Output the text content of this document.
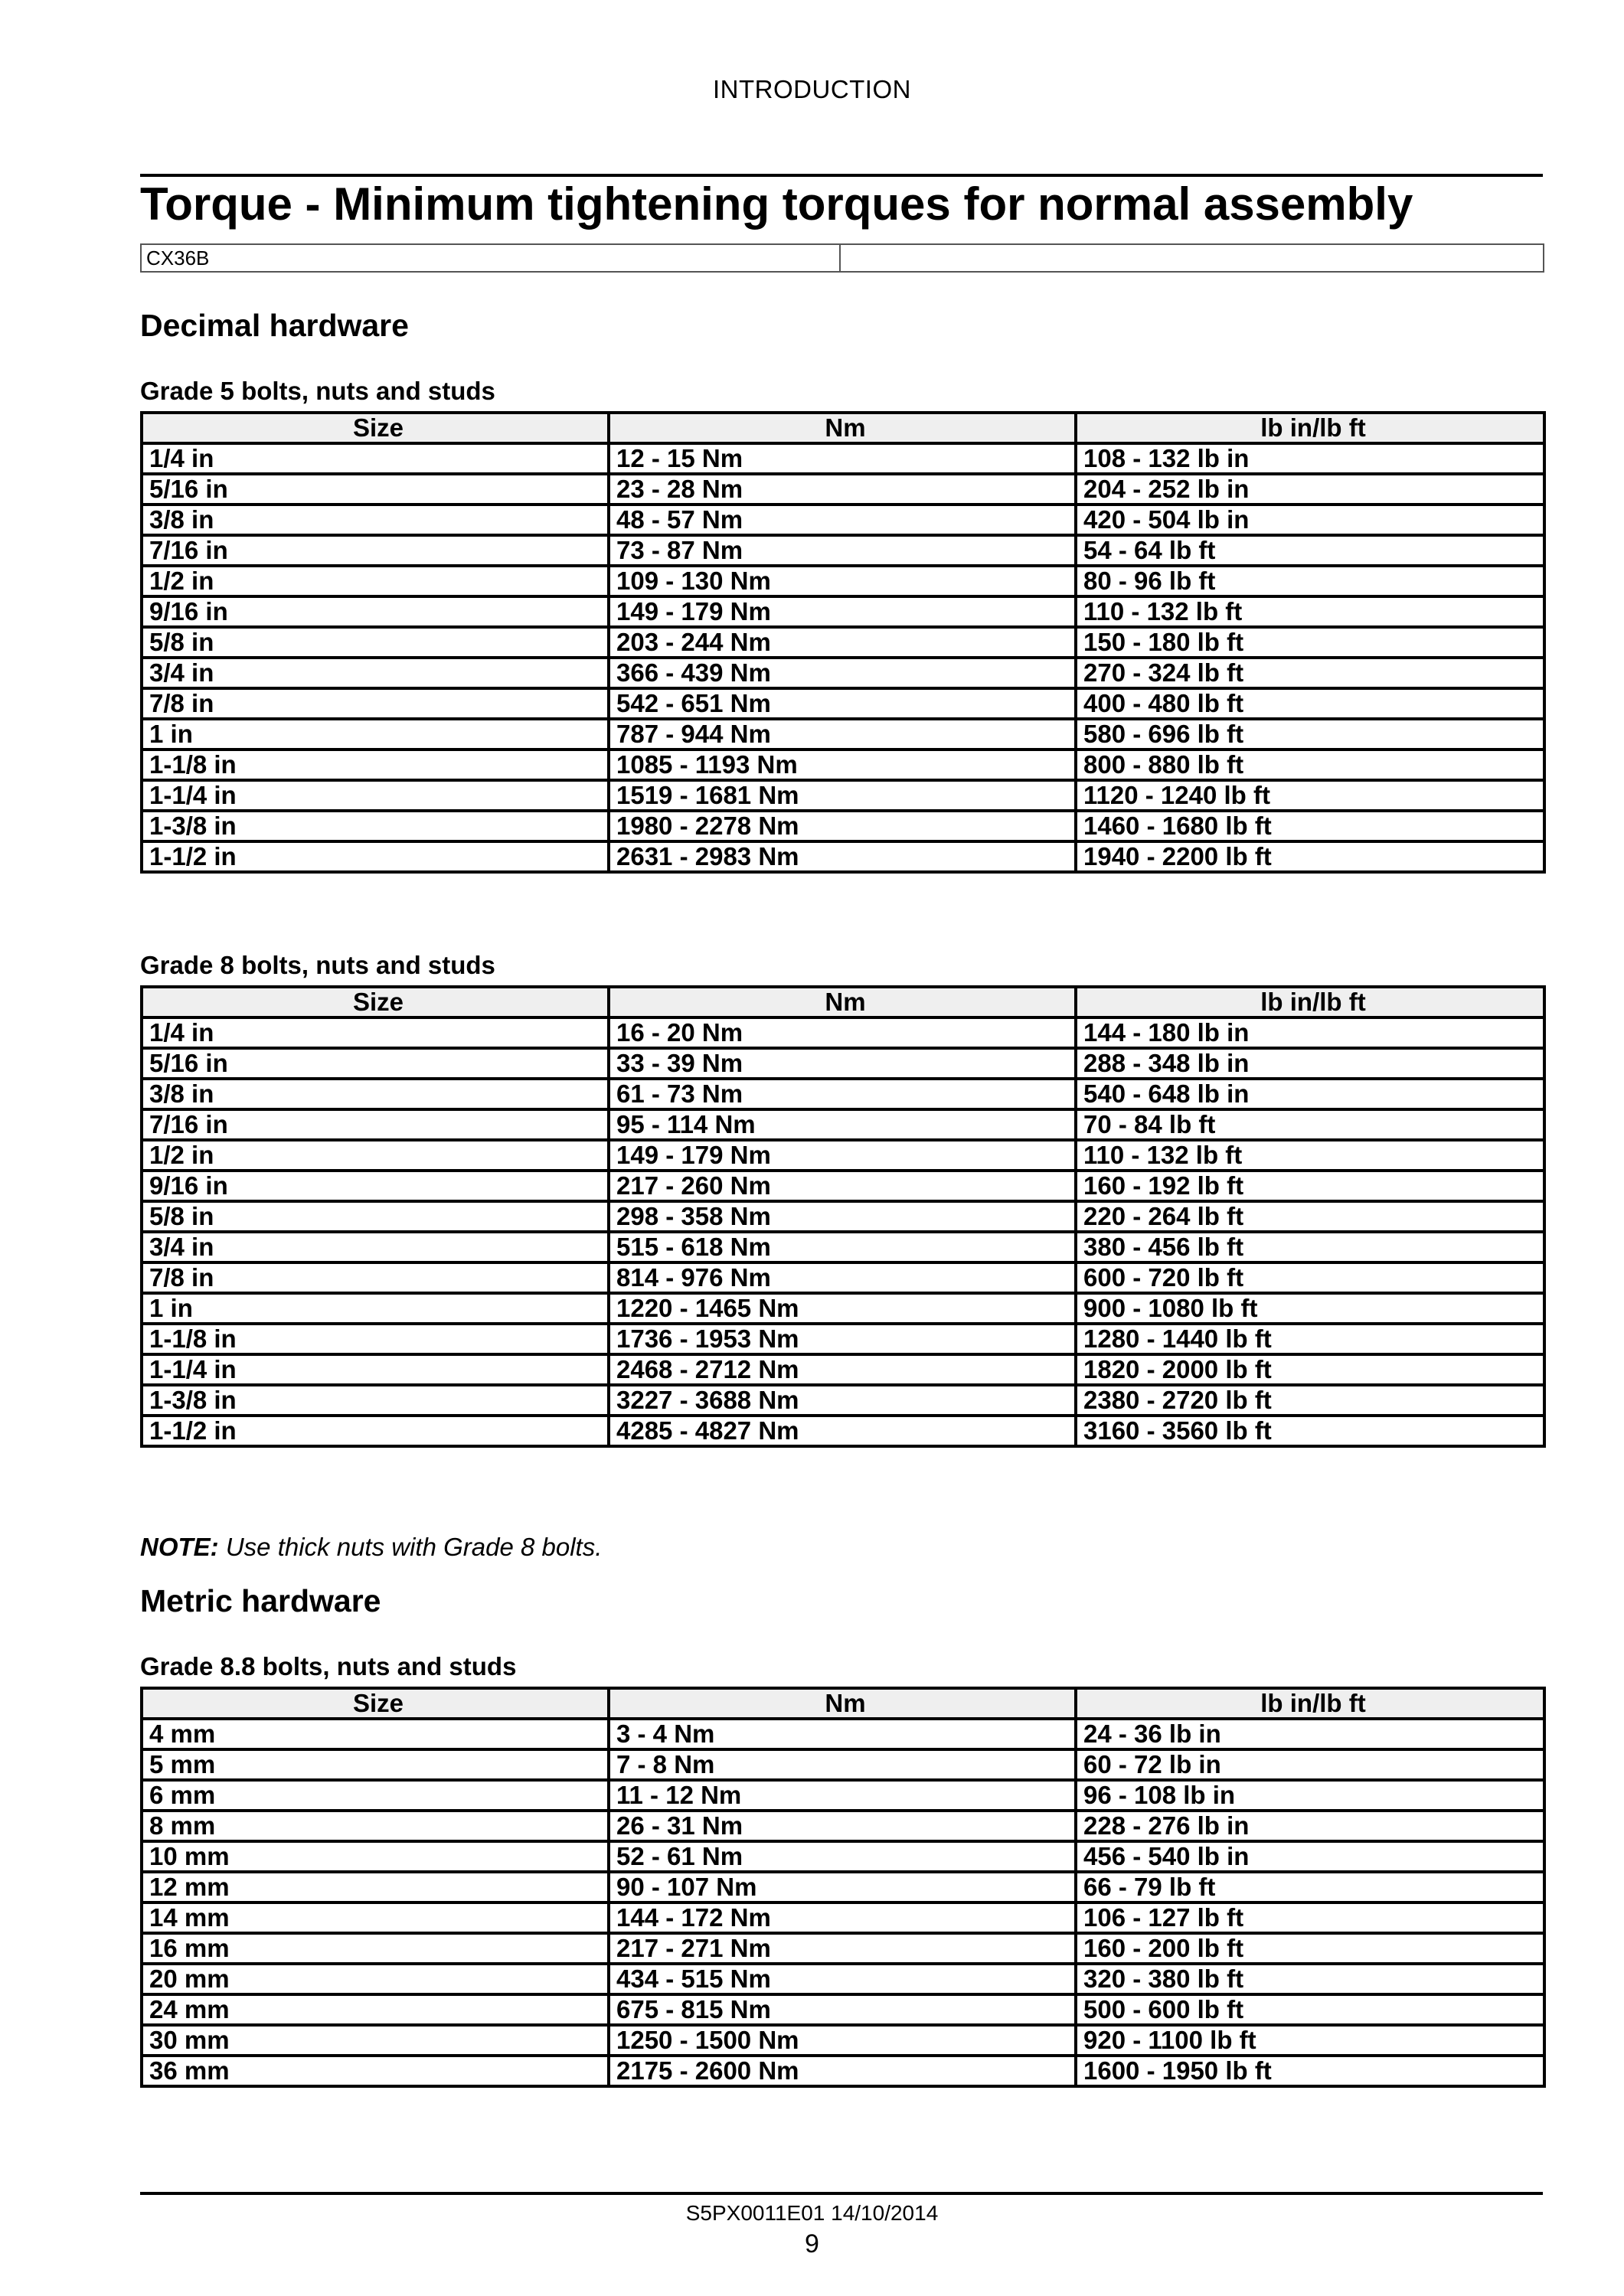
INTRODUCTION
Torque - Minimum tightening torques for normal assembly
CX36B
Decimal hardware
Grade 5 bolts, nuts and studs
Size	Nm	lb in/lb ft
1/4 in	12 - 15 Nm	108 - 132 lb in
5/16 in	23 - 28 Nm	204 - 252 lb in
3/8 in	48 - 57 Nm	420 - 504 lb in
7/16 in	73 - 87 Nm	54 - 64 lb ft
1/2 in	109 - 130 Nm	80 - 96 lb ft
9/16 in	149 - 179 Nm	110 - 132 lb ft
5/8 in	203 - 244 Nm	150 - 180 lb ft
3/4 in	366 - 439 Nm	270 - 324 lb ft
7/8 in	542 - 651 Nm	400 - 480 lb ft
1 in	787 - 944 Nm	580 - 696 lb ft
1-1/8 in	1085 - 1193 Nm	800 - 880 lb ft
1-1/4 in	1519 - 1681 Nm	1120 - 1240 lb ft
1-3/8 in	1980 - 2278 Nm	1460 - 1680 lb ft
1-1/2 in	2631 - 2983 Nm	1940 - 2200 lb ft
Grade 8 bolts, nuts and studs
Size	Nm	lb in/lb ft
1/4 in	16 - 20 Nm	144 - 180 lb in
5/16 in	33 - 39 Nm	288 - 348 lb in
3/8 in	61 - 73 Nm	540 - 648 lb in
7/16 in	95 - 114 Nm	70 - 84 lb ft
1/2 in	149 - 179 Nm	110 - 132 lb ft
9/16 in	217 - 260 Nm	160 - 192 lb ft
5/8 in	298 - 358 Nm	220 - 264 lb ft
3/4 in	515 - 618 Nm	380 - 456 lb ft
7/8 in	814 - 976 Nm	600 - 720 lb ft
1 in	1220 - 1465 Nm	900 - 1080 lb ft
1-1/8 in	1736 - 1953 Nm	1280 - 1440 lb ft
1-1/4 in	2468 - 2712 Nm	1820 - 2000 lb ft
1-3/8 in	3227 - 3688 Nm	2380 - 2720 lb ft
1-1/2 in	4285 - 4827 Nm	3160 - 3560 lb ft
NOTE: Use thick nuts with Grade 8 bolts.
Metric hardware
Grade 8.8 bolts, nuts and studs
Size	Nm	lb in/lb ft
4 mm	3 - 4 Nm	24 - 36 lb in
5 mm	7 - 8 Nm	60 - 72 lb in
6 mm	11 - 12 Nm	96 - 108 lb in
8 mm	26 - 31 Nm	228 - 276 lb in
10 mm	52 - 61 Nm	456 - 540 lb in
12 mm	90 - 107 Nm	66 - 79 lb ft
14 mm	144 - 172 Nm	106 - 127 lb ft
16 mm	217 - 271 Nm	160 - 200 lb ft
20 mm	434 - 515 Nm	320 - 380 lb ft
24 mm	675 - 815 Nm	500 - 600 lb ft
30 mm	1250 - 1500 Nm	920 - 1100 lb ft
36 mm	2175 - 2600 Nm	1600 - 1950 lb ft
S5PX0011E01 14/10/2014
9
